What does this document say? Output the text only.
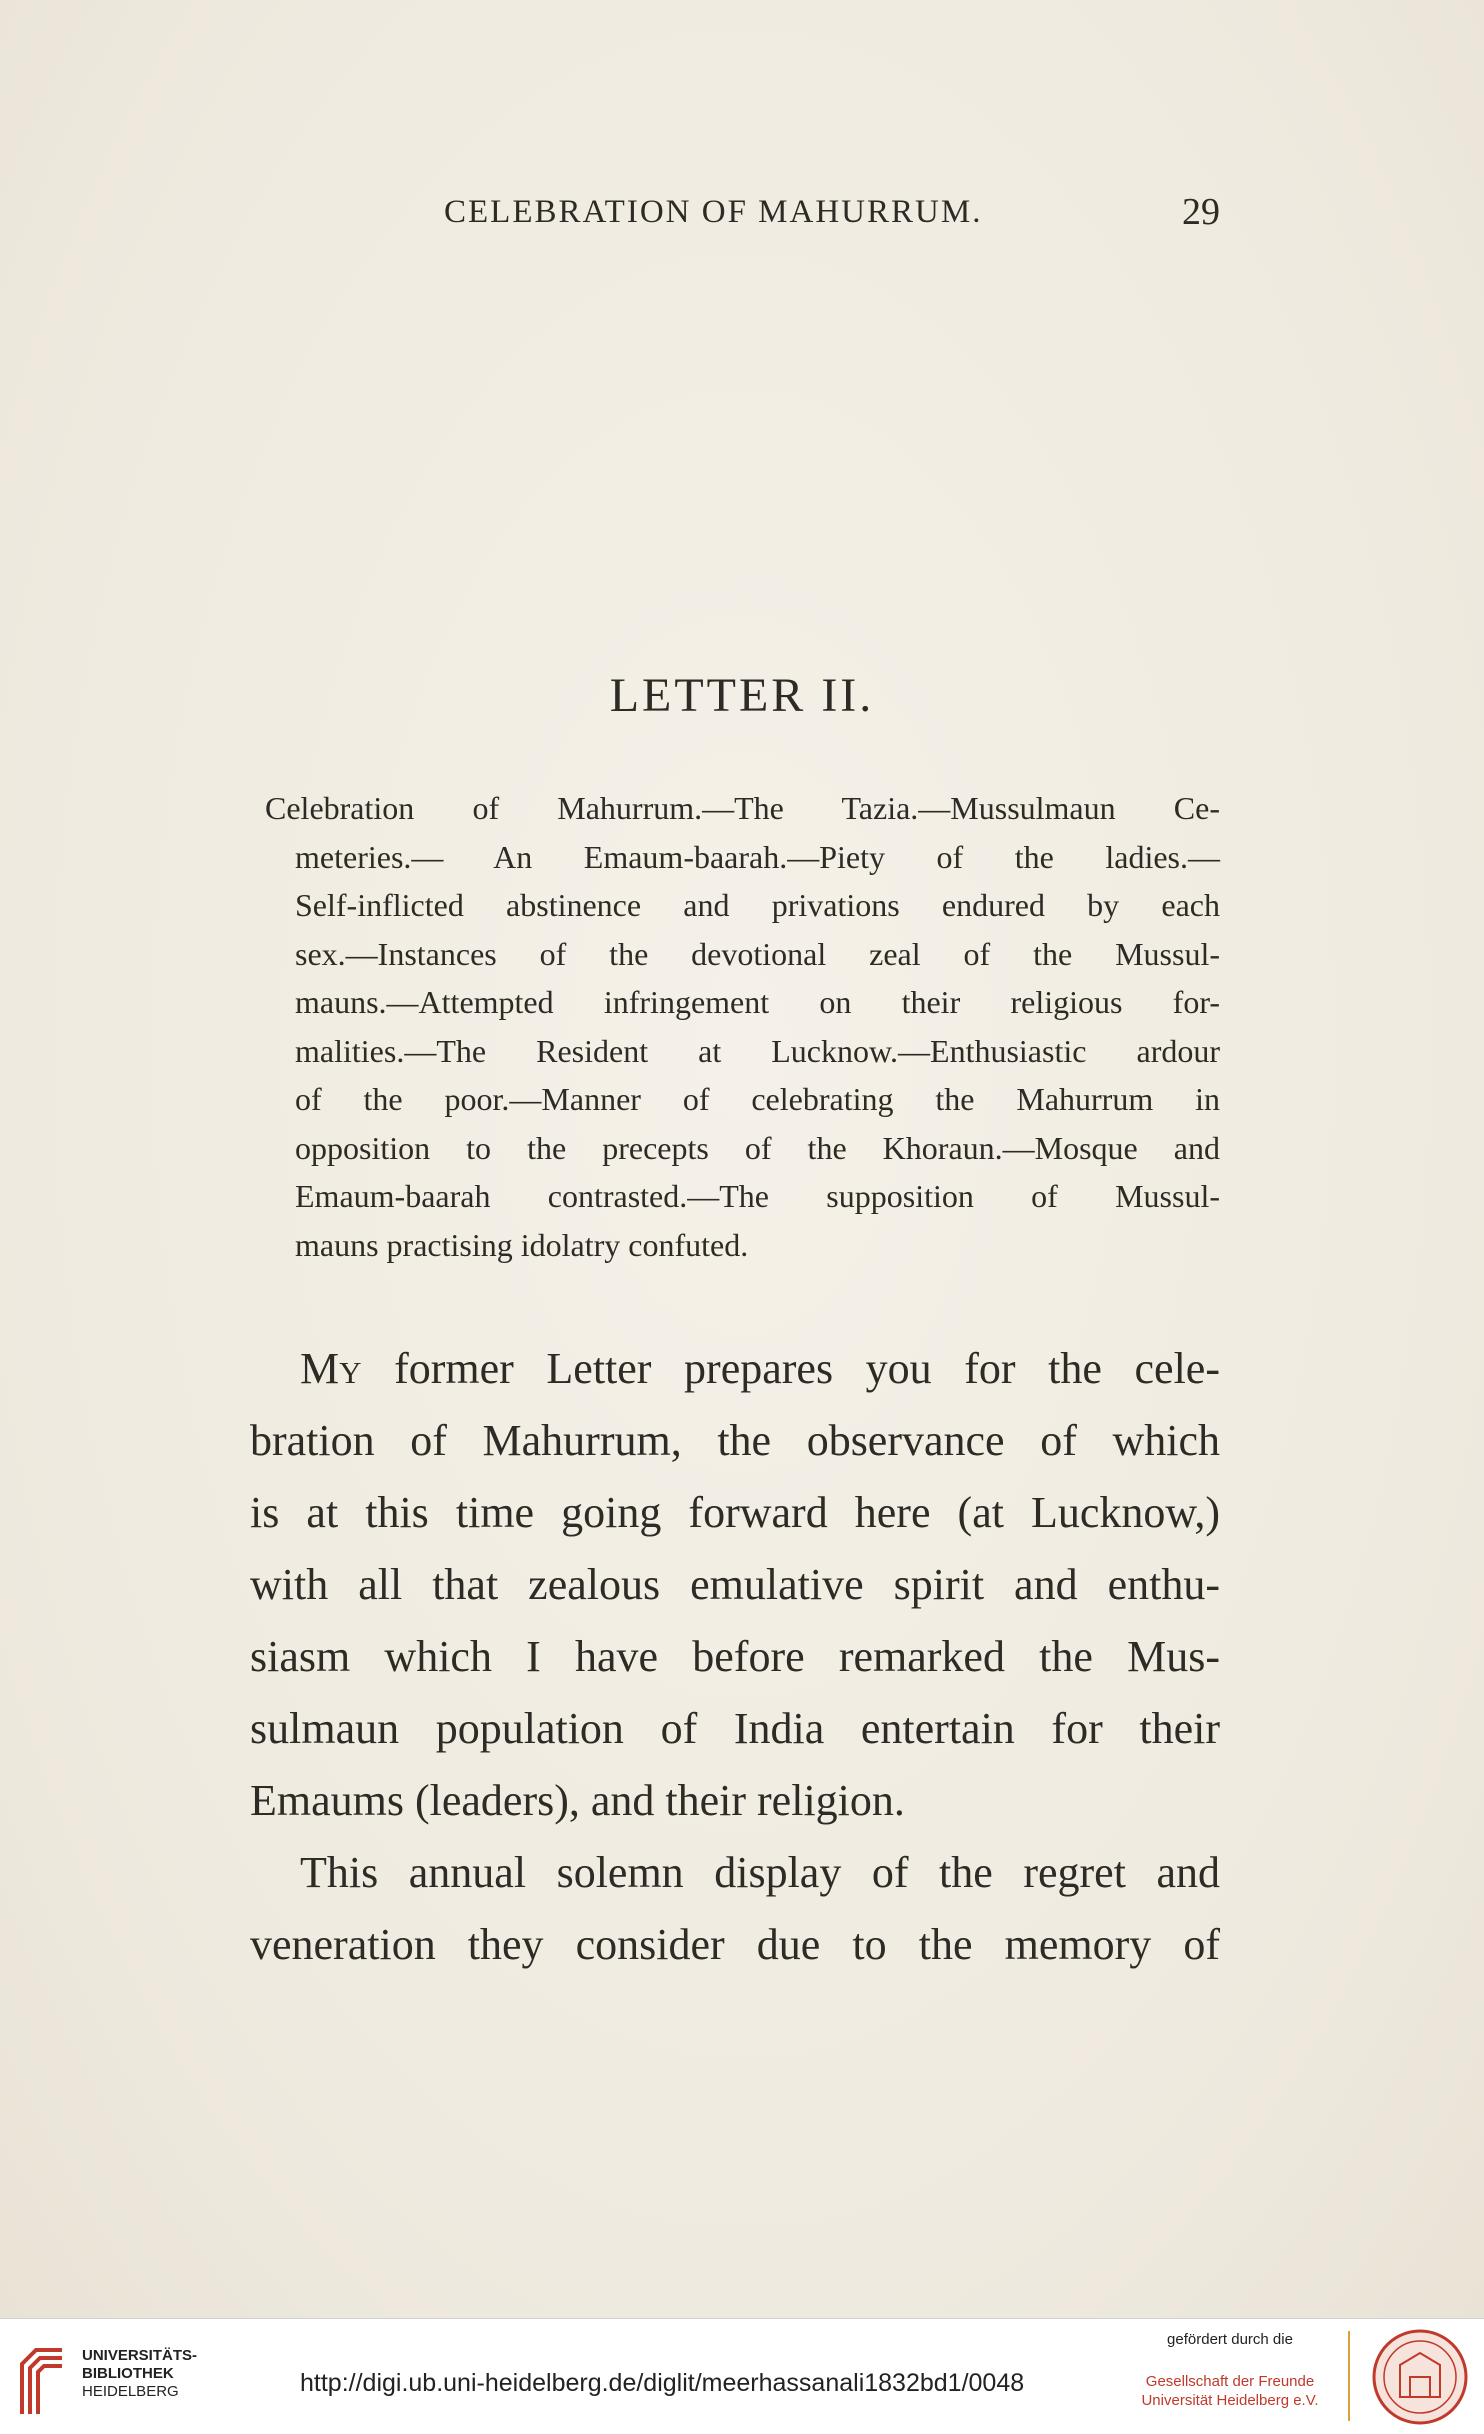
CELEBRATION OF MAHURRUM.	29
LETTER II.
Celebration of Mahurrum.—The Tazia.—Mussulmaun Ce-
meteries.— An Emaum-baarah.—Piety of the ladies.—
Self-inflicted abstinence and privations endured by each
sex.—Instances of the devotional zeal of the Mussul-
mauns.—Attempted infringement on their religious for-
malities.—The Resident at Lucknow.—Enthusiastic ardour
of the poor.—Manner of celebrating the Mahurrum in
opposition to the precepts of the Khoraun.—Mosque and
Emaum-baarah contrasted.—The supposition of Mussul-
mauns practising idolatry confuted.
My former Letter prepares you for the cele-
bration of Mahurrum, the observance of which
is at this time going forward here (at Lucknow,)
with all that zealous emulative spirit and enthu-
siasm which I have before remarked the Mus-
sulmaun population of India entertain for their
Emaums (leaders), and their religion.
This annual solemn display of the regret and
veneration they consider due to the memory of
UNIVERSITÄTS-
BIBLIOTHEK
HEIDELBERG	http://digi.ub.uni-heidelberg.de/diglit/meerhassanali1832bd1/0048
gefördert durch die
Gesellschaft der Freunde
Universität Heidelberg e.V.
